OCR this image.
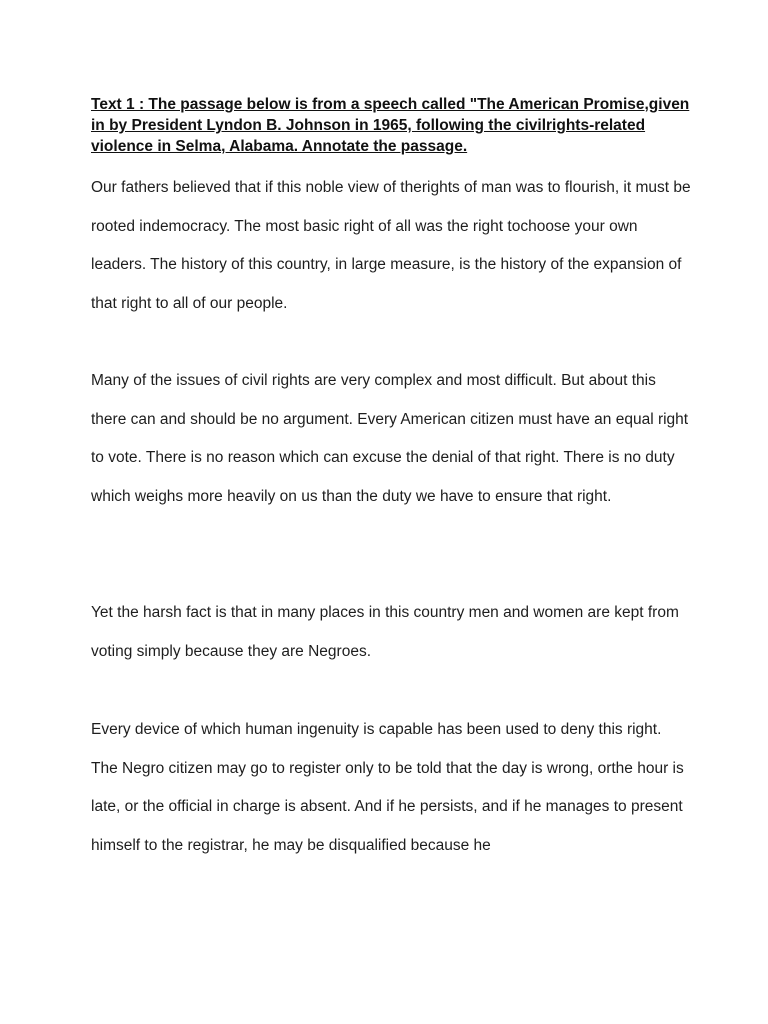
Text 1 : The passage below is from a speech called "The American Promise,given in by President Lyndon B. Johnson in 1965, following the civilrights-related violence in Selma, Alabama. Annotate the passage.

Our fathers believed that if this noble view of therights of man was to flourish, it must be rooted indemocracy. The most basic right of all was the right tochoose your own leaders. The history of this country, in large measure, is the history of the expansion of that right to all of our people.

Many of the issues of civil rights are very complex and most difficult. But about this there can and should be no argument. Every American citizen must have an equal right to vote. There is no reason which can excuse the denial of that right. There is no duty which weighs more heavily on us than the duty we have to ensure that right.

Yet the harsh fact is that in many places in this country men and women are kept from voting simply because they are Negroes.

Every device of which human ingenuity is capable has been used to deny this right. The Negro citizen may go to register only to be told that the day is wrong, orthe hour is late, or the official in charge is absent. And if he persists, and if he manages to present himself to the registrar, he may be disqualified because he
